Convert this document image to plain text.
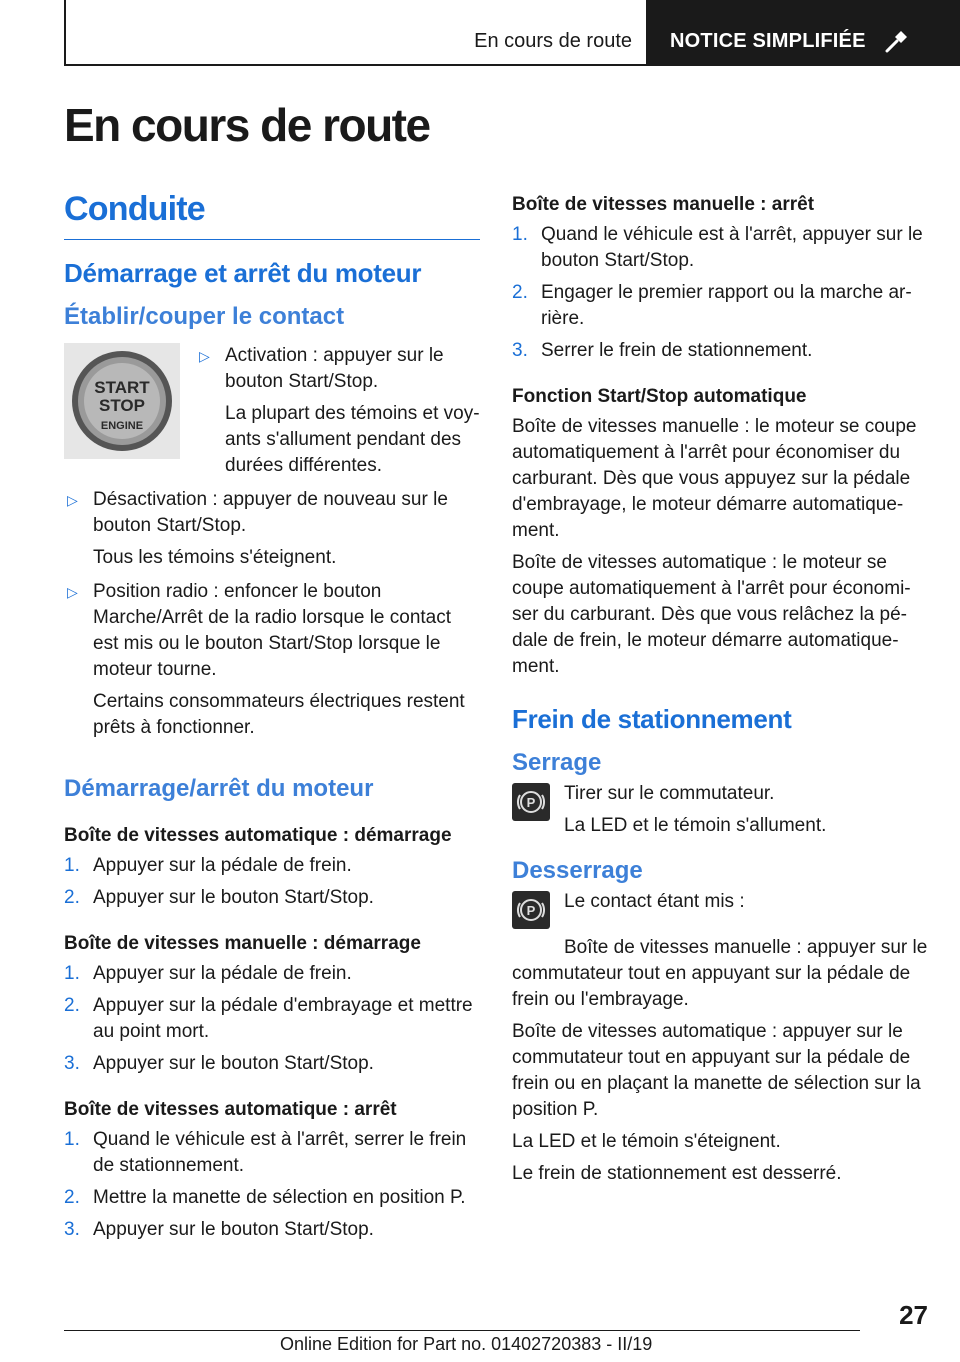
En cours de route NOTICE SIMPLIFIÉE
En cours de route
Conduite
Démarrage et arrêt du moteur
Établir/couper le contact
START
STOP
ENGINE
▷ Activation : appuyer sur le bouton Start/Stop.

La plupart des témoins et voy‐ants s'allument pendant des durées différentes.

▷ Désactivation : appuyer de nouveau sur le bouton Start/Stop.

Tous les témoins s'éteignent.

▷ Position radio : enfoncer le bouton Marche/Arrêt de la radio lorsque le contact est mis ou le bouton Start/Stop lorsque le moteur tourne.

Certains consommateurs électriques restent prêts à fonctionner.

Démarrage/arrêt du moteur
Boîte de vitesses automatique : démarrage
1. Appuyer sur la pédale de frein.

2. Appuyer sur le bouton Start/Stop.

Boîte de vitesses manuelle : démarrage
1. Appuyer sur la pédale de frein.

2. Appuyer sur la pédale d'embrayage et mettre au point mort.

3. Appuyer sur le bouton Start/Stop.

Boîte de vitesses automatique : arrêt
1. Quand le véhicule est à l'arrêt, serrer le frein de stationnement.

2. Mettre la manette de sélection en position P.

3. Appuyer sur le bouton Start/Stop.

Boîte de vitesses manuelle : arrêt
1. Quand le véhicule est à l'arrêt, appuyer sur le bouton Start/Stop.

2. Engager le premier rapport ou la marche ar‐rière.

3. Serrer le frein de stationnement.

Fonction Start/Stop automatique

Boîte de vitesses manuelle : le moteur se coupe automatiquement à l'arrêt pour économiser du carburant. Dès que vous appuyez sur la pédale d'embrayage, le moteur démarre automatique‐ment.

Boîte de vitesses automatique : le moteur se coupe automatiquement à l'arrêt pour économi‐ser du carburant. Dès que vous relâchez la pé‐dale de frein, le moteur démarre automatique‐ment.

Frein de stationnement
Serrage
P Tirer sur le commutateur.

La LED et le témoin s'allument.

Desserrage
P Le contact étant mis :

Boîte de vitesses manuelle : appuyer sur le commutateur tout en appuyant sur la pédale de frein ou l'embrayage.

Boîte de vitesses automatique : appuyer sur le commutateur tout en appuyant sur la pédale de frein ou en plaçant la manette de sélection sur la position P.

La LED et le témoin s'éteignent.

Le frein de stationnement est desserré.

27
Online Edition for Part no. 01402720383 - II/19
